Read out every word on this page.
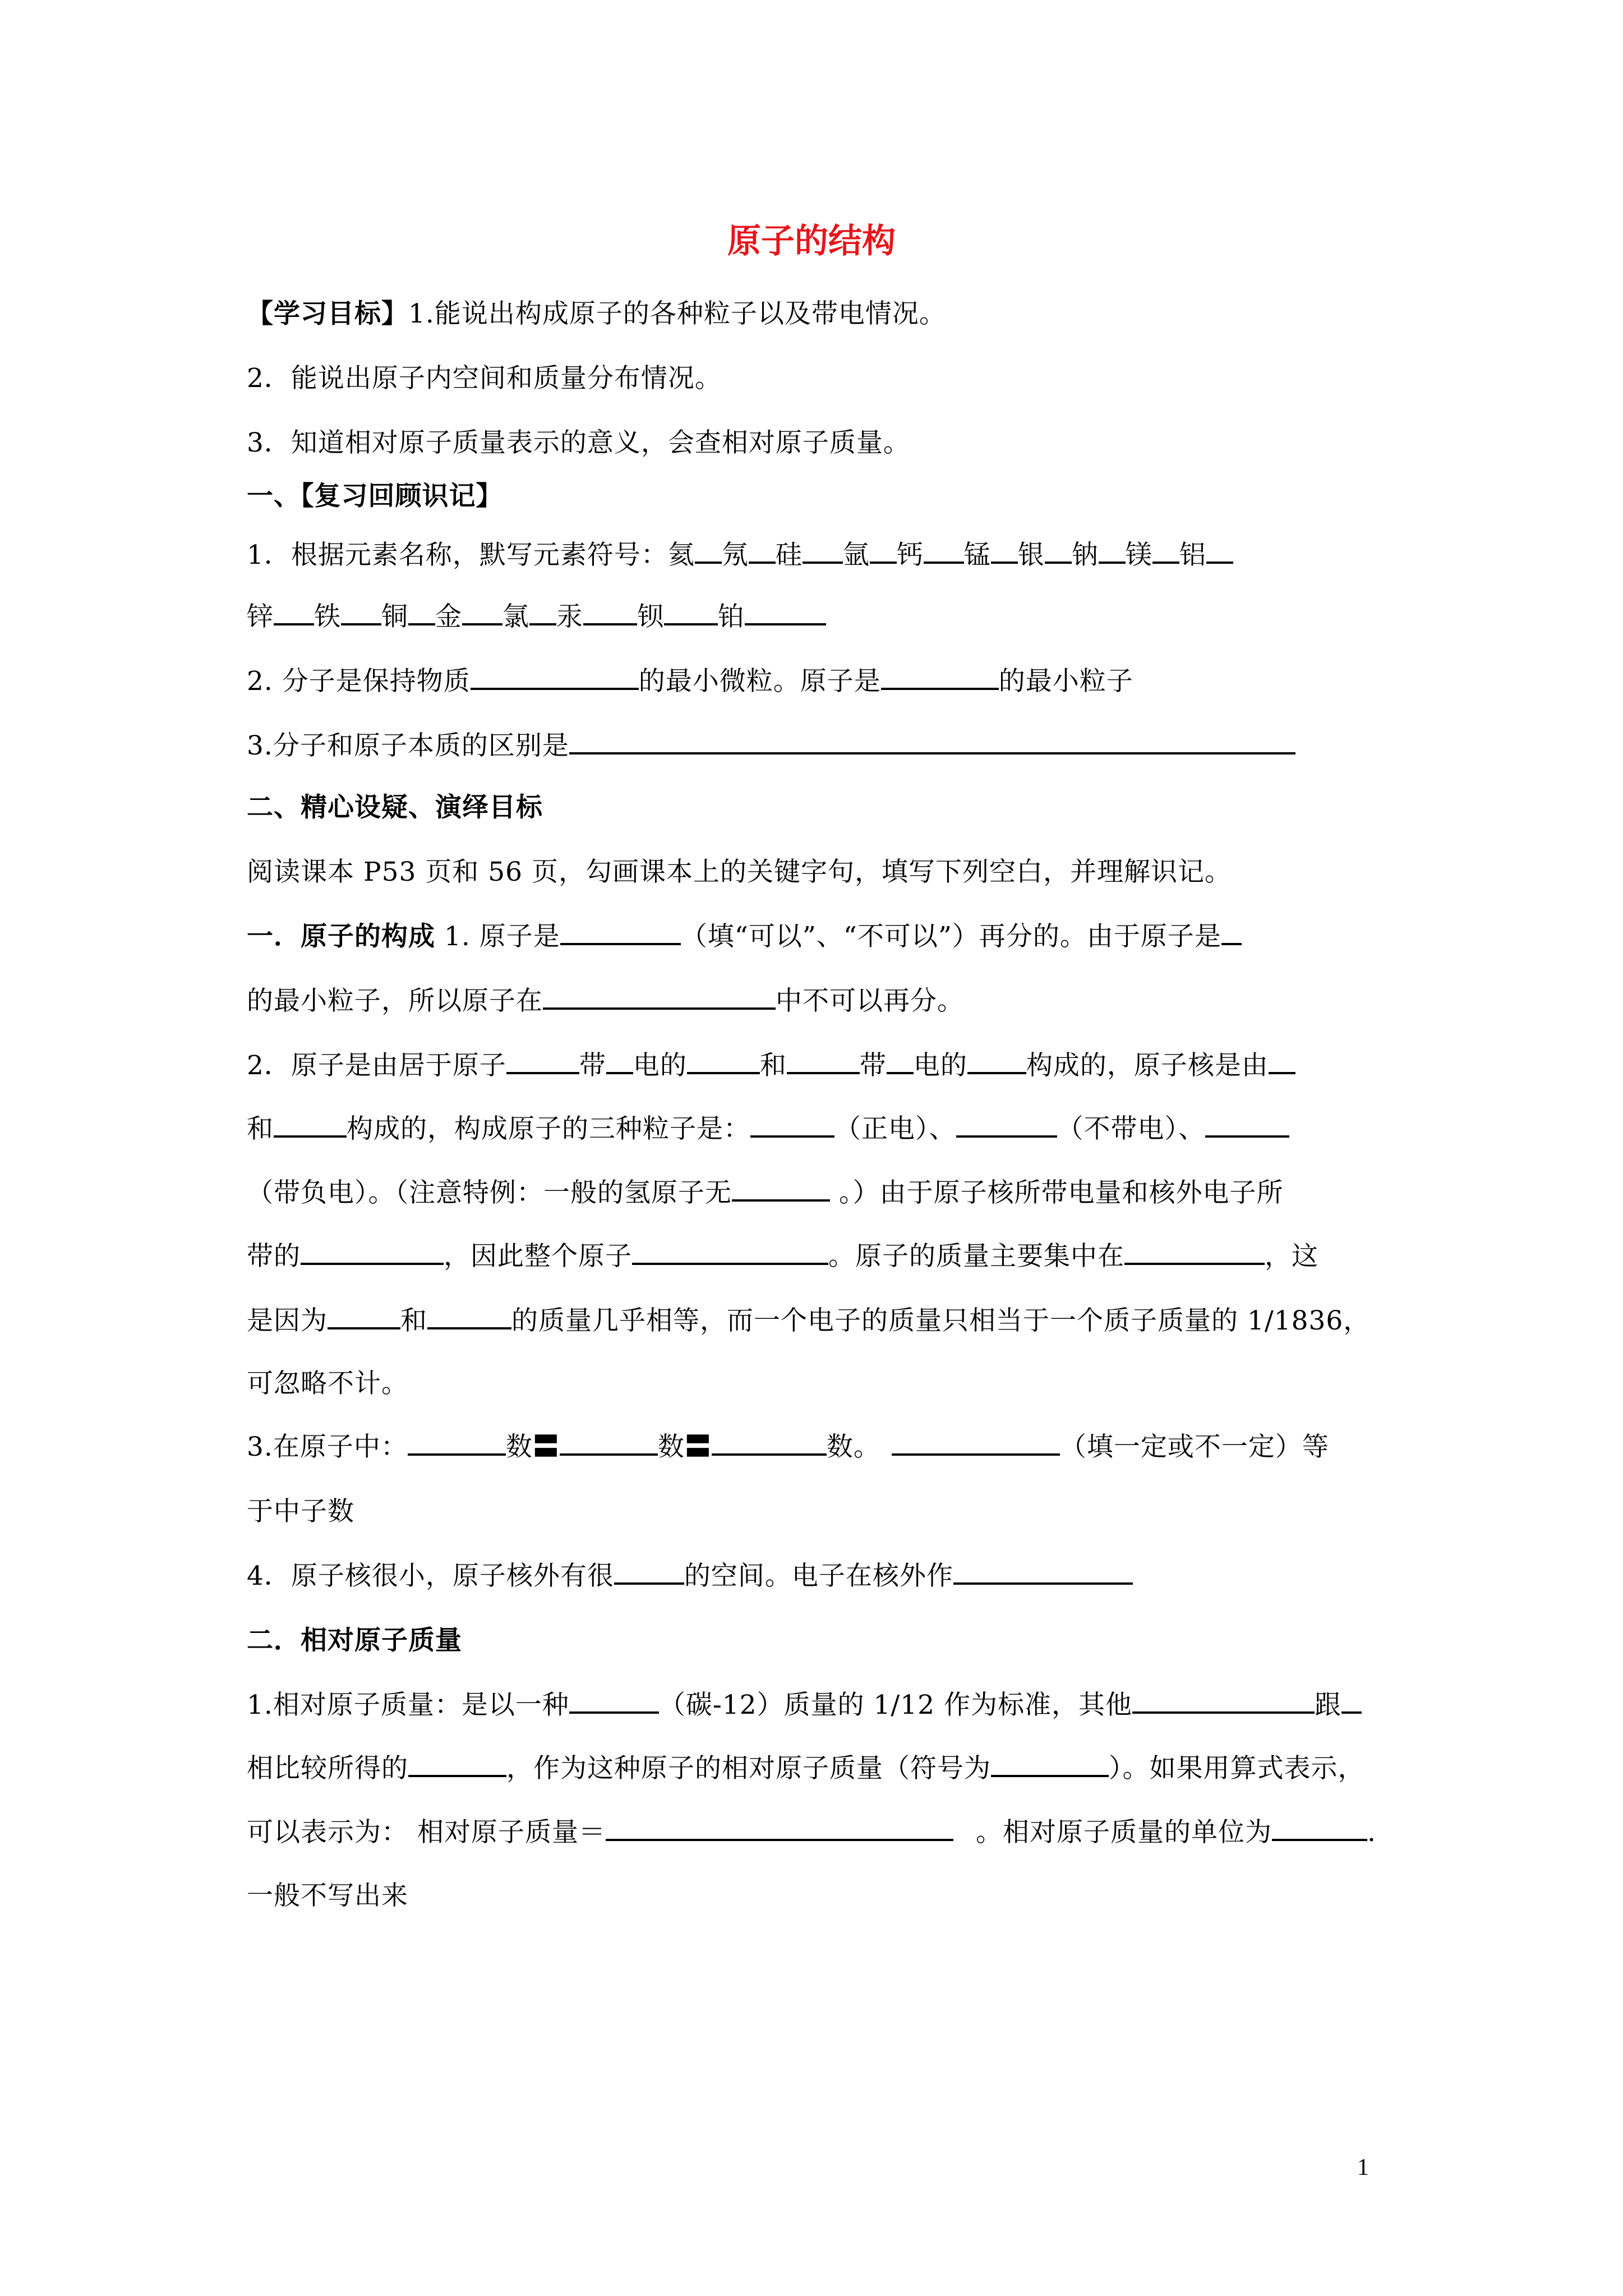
原子的结构
【学习目标】1.能说出构成原子的各种粒子以及带电情况。
2．能说出原子内空间和质量分布情况。
3．知道相对原子质量表示的意义，会查相对原子质量。
一、【复习回顾识记】
1．根据元素名称，默写元素符号：氦 氖 硅 氩 钙 锰 银 钠 镁 铝
锌 铁 铜 金 氯 汞 钡 铂
2. 分子是保持物质	的最小微粒。原子是	的最小粒子
3.分子和原子本质的区别是
二、精心设疑、演绎目标
阅读课本 P53 页和 56 页，勾画课本上的关键字句，填写下列空白，并理解识记。
一．原子的构成 1. 原子是	（填“可以”、“不可以”）再分的。由于原子是
的最小粒子，所以原子在	中不可以再分。
2．原子是由居于原子	带 电的	和	带 电的 构成的，原子核是由
和	构成的，构成原子的三种粒子是：	（正电）、	（不带电）、
（带负电）。（注意特例：一般的氢原子无	。）由于原子核所带电量和核外电子所
带的	，因此整个原子	。原子的质量主要集中在	，这
是因为	和	的质量几乎相等，而一个电子的质量只相当于一个质子质量的 1/1836，
可忽略不计。
3.在原子中：	数〓	数〓	数。	（填一定或不一定）等
于中子数
4．原子核很小，原子核外有很	的空间。电子在核外作
二．相对原子质量
1.相对原子质量：是以一种	（碳-12）质量的 1/12 作为标准，其他	跟
相比较所得的	，作为这种原子的相对原子质量（符号为	）。如果用算式表示，
可以表示为： 相对原子质量＝	。相对原子质量的单位为	.
一般不写出来
1
